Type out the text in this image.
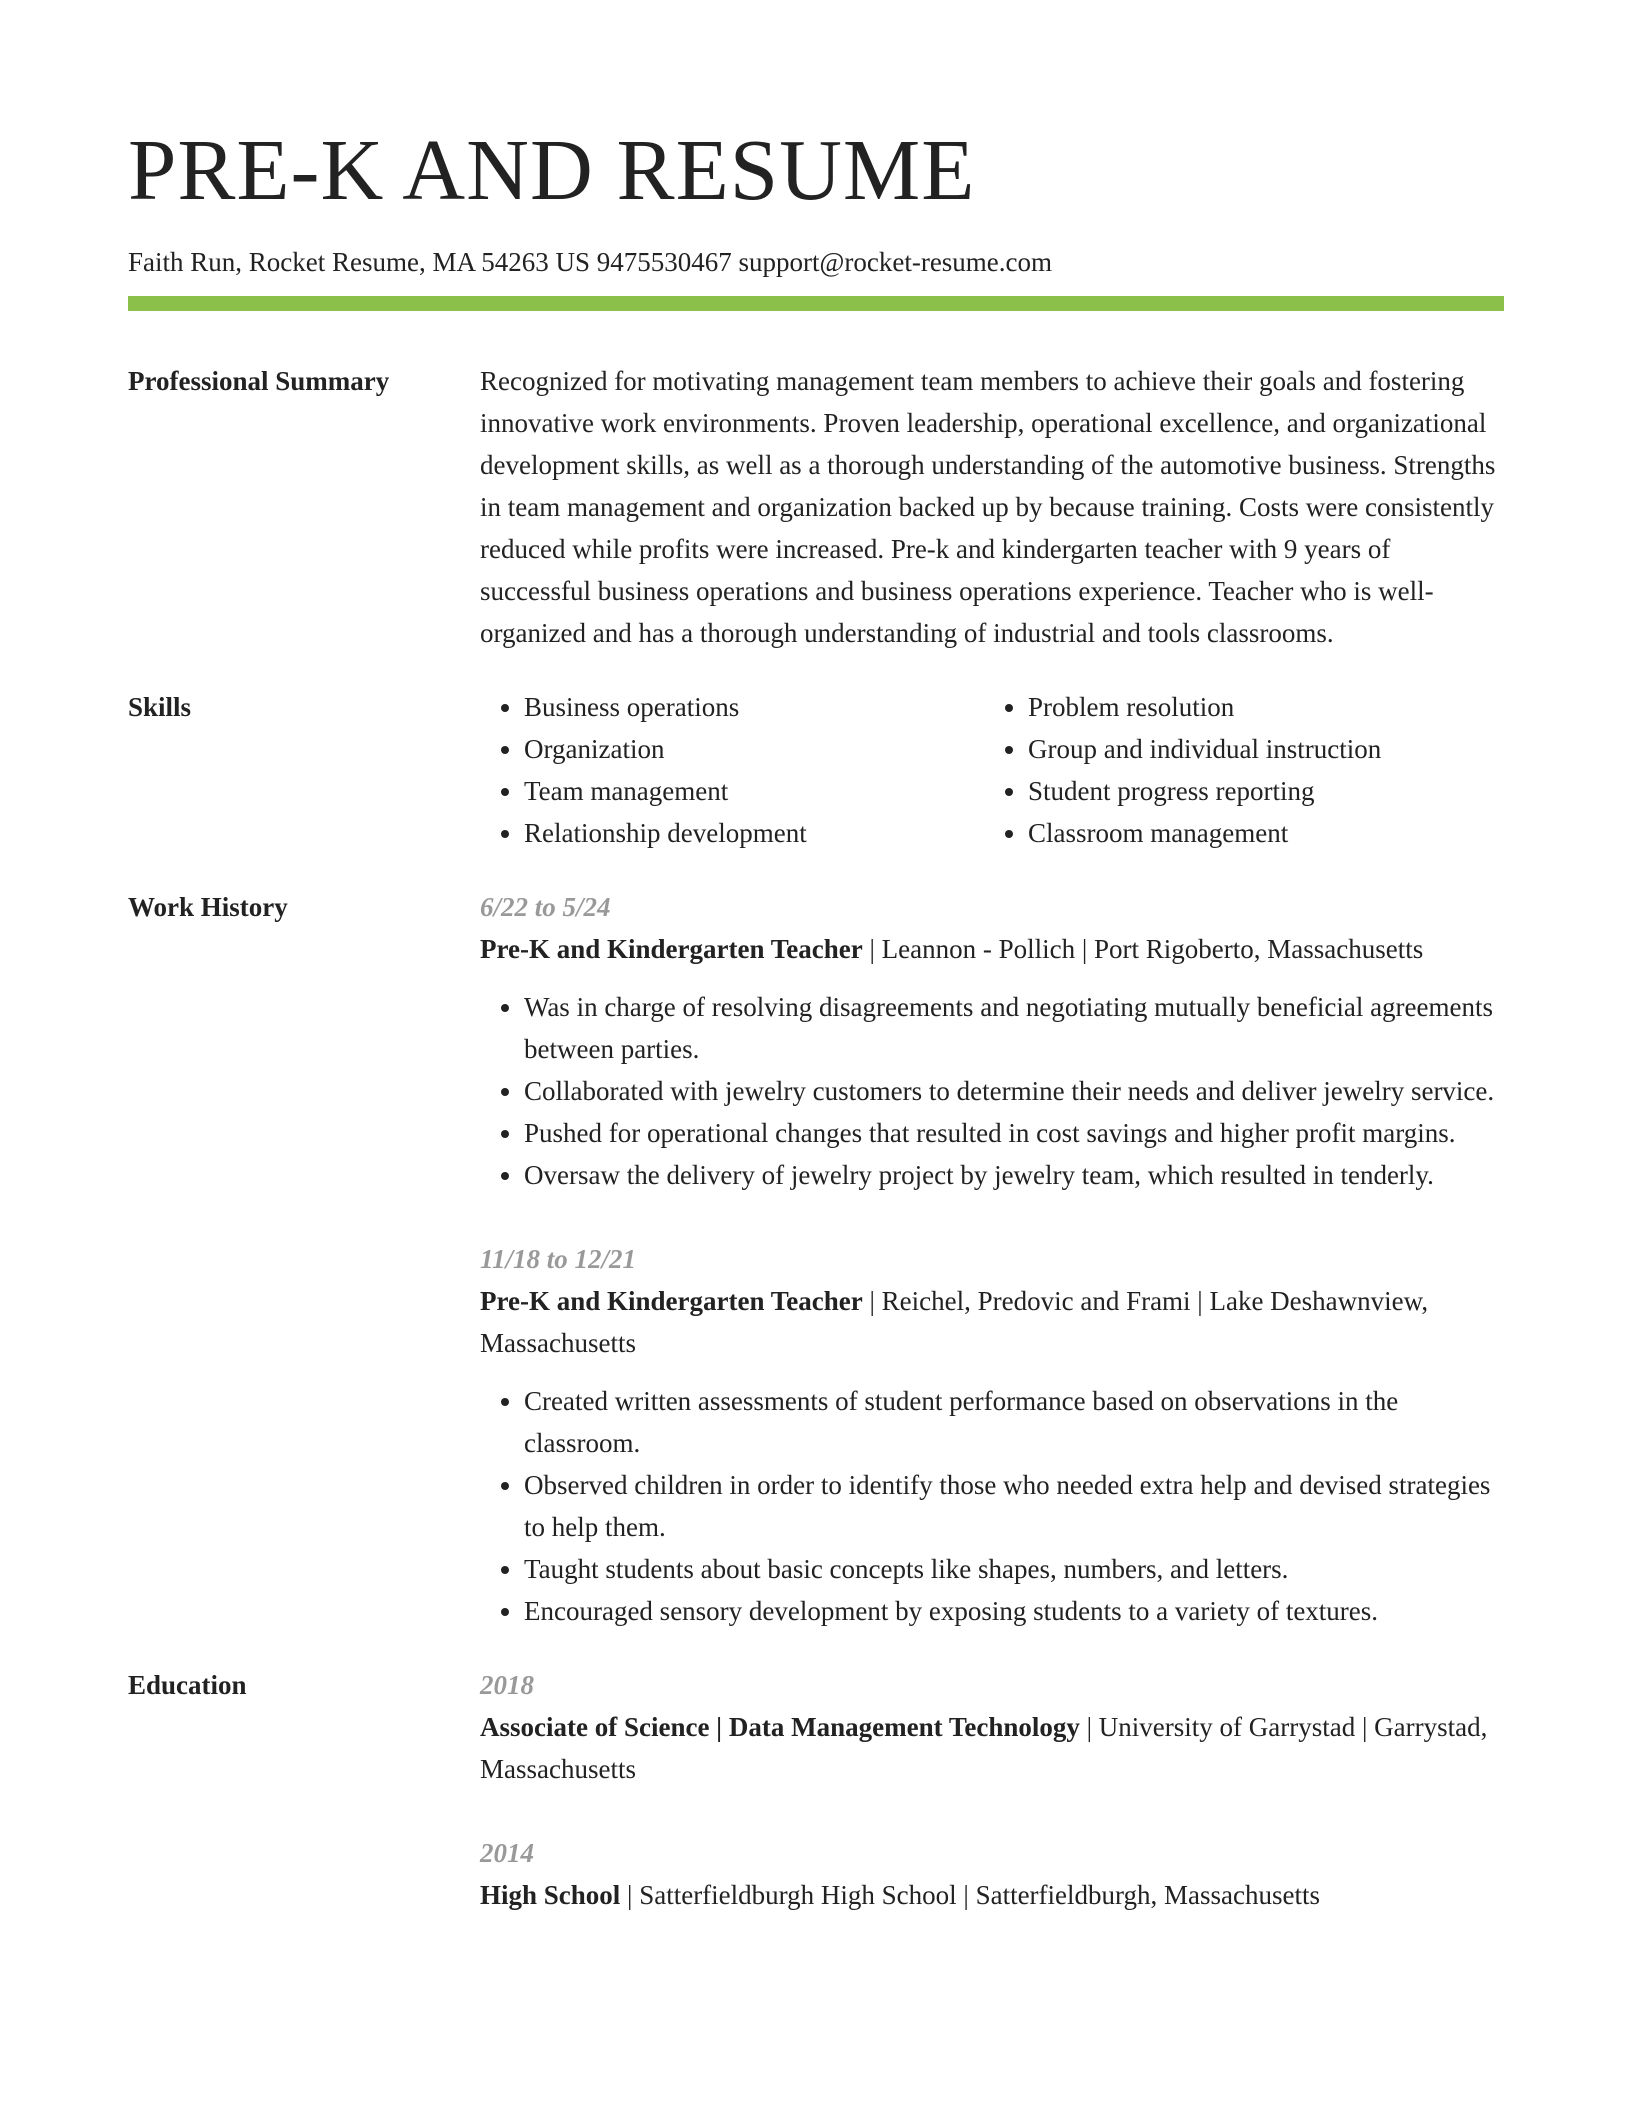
PRE-K AND RESUME
Faith Run, Rocket Resume, MA 54263 US 9475530467 support@rocket-resume.com
Professional Summary	Recognized for motivating management team members to achieve their goals and fostering innovative work environments. Proven leadership, operational excellence, and organizational development skills, as well as a thorough understanding of the automotive business. Strengths in team management and organization backed up by because training. Costs were consistently reduced while profits were increased. Pre-k and kindergarten teacher with 9 years of successful business operations and business operations experience. Teacher who is well-organized and has a thorough understanding of industrial and tools classrooms.

Skills
•	Business operations
• Organization
• Team management
• Relationship development
• Problem resolution
• Group and individual instruction
• Student progress reporting
• Classroom management
Work History	6/22 to 5/24
Pre-K and Kindergarten Teacher | Leannon - Pollich | Port Rigoberto, Massachusetts
• Was in charge of resolving disagreements and negotiating mutually beneficial agreements between parties.
• Collaborated with jewelry customers to determine their needs and deliver jewelry service.
• Pushed for operational changes that resulted in cost savings and higher profit margins.
• Oversaw the delivery of jewelry project by jewelry team, which resulted in tenderly.
11/18 to 12/21
Pre-K and Kindergarten Teacher | Reichel, Predovic and Frami | Lake Deshawnview, Massachusetts
• Created written assessments of student performance based on observations in the classroom.
• Observed children in order to identify those who needed extra help and devised strategies to help them.
• Taught students about basic concepts like shapes, numbers, and letters.
• Encouraged sensory development by exposing students to a variety of textures.
Education	2018
Associate of Science | Data Management Technology | University of Garrystad | Garrystad, Massachusetts
2014
High School | Satterfieldburgh High School | Satterfieldburgh, Massachusetts
